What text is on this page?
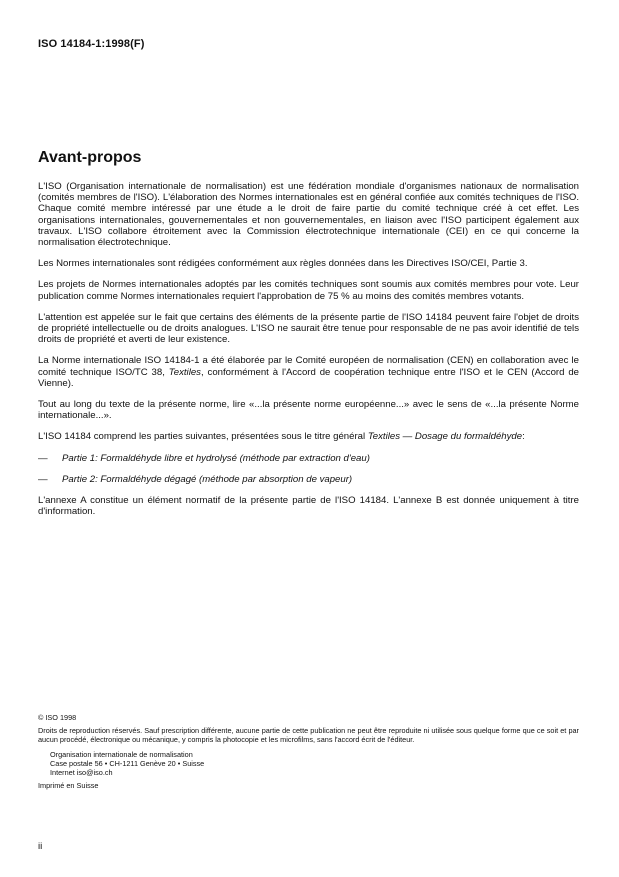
ISO 14184-1:1998(F)
Avant-propos

L'ISO (Organisation internationale de normalisation) est une fédération mondiale d'organismes nationaux de normalisation (comités membres de l'ISO). L'élaboration des Normes internationales est en général confiée aux comités techniques de l'ISO. Chaque comité membre intéressé par une étude a le droit de faire partie du comité technique créé à cet effet. Les organisations internationales, gouvernementales et non gouvernementales, en liaison avec l'ISO participent également aux travaux. L'ISO collabore étroitement avec la Commission électrotechnique internationale (CEI) en ce qui concerne la normalisation électrotechnique.

Les Normes internationales sont rédigées conformément aux règles données dans les Directives ISO/CEI, Partie 3.

Les projets de Normes internationales adoptés par les comités techniques sont soumis aux comités membres pour vote. Leur publication comme Normes internationales requiert l'approbation de 75 % au moins des comités membres votants.

L'attention est appelée sur le fait que certains des éléments de la présente partie de l'ISO 14184 peuvent faire l'objet de droits de propriété intellectuelle ou de droits analogues. L'ISO ne saurait être tenue pour responsable de ne pas avoir identifié de tels droits de propriété et averti de leur existence.

La Norme internationale ISO 14184-1 a été élaborée par le Comité européen de normalisation (CEN) en collaboration avec le comité technique ISO/TC 38, Textiles, conformément à l'Accord de coopération technique entre l'ISO et le CEN (Accord de Vienne).

Tout au long du texte de la présente norme, lire «...la présente norme européenne...» avec le sens de «...la présente Norme internationale...».

L'ISO 14184 comprend les parties suivantes, présentées sous le titre général Textiles — Dosage du formaldéhyde:

—	Partie 1: Formaldéhyde libre et hydrolysé (méthode par extraction d'eau)
—	Partie 2: Formaldéhyde dégagé (méthode par absorption de vapeur)

L'annexe A constitue un élément normatif de la présente partie de l'ISO 14184. L'annexe B est donnée uniquement à titre d'information.

© ISO 1998

Droits de reproduction réservés. Sauf prescription différente, aucune partie de cette publication ne peut être reproduite ni utilisée sous quelque forme que ce soit et par aucun procédé, électronique ou mécanique, y compris la photocopie et les microfilms, sans l'accord écrit de l'éditeur.

Organisation internationale de normalisation

Case postale 56 • CH-1211 Genève 20 • Suisse

Internet iso@iso.ch

Imprimé en Suisse

ii
